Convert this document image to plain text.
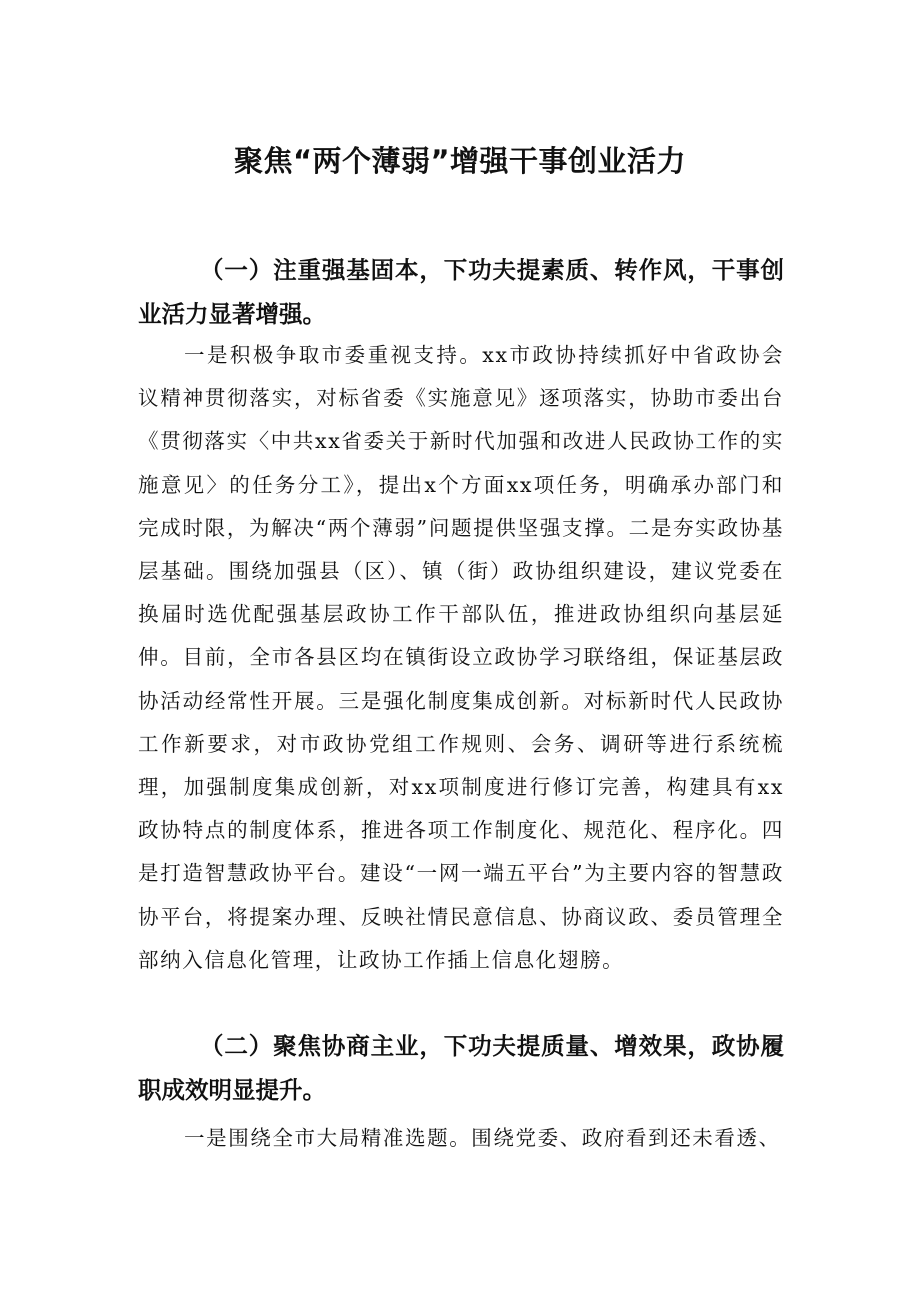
聚焦“两个薄弱”增强干事创业活力

（一）注重强基固本，下功夫提素质、转作风，干事创业活力显著增强。

一是积极争取市委重视支持。xx市政协持续抓好中省政协会议精神贯彻落实，对标省委《实施意见》逐项落实，协助市委出台《贯彻落实〈中共xx省委关于新时代加强和改进人民政协工作的实施意见〉的任务分工》，提出x个方面xx项任务，明确承办部门和完成时限，为解决“两个薄弱”问题提供坚强支撑。二是夯实政协基层基础。围绕加强县（区）、镇（街）政协组织建设，建议党委在换届时选优配强基层政协工作干部队伍，推进政协组织向基层延伸。目前，全市各县区均在镇街设立政协学习联络组，保证基层政协活动经常性开展。三是强化制度集成创新。对标新时代人民政协工作新要求，对市政协党组工作规则、会务、调研等进行系统梳理，加强制度集成创新，对xx项制度进行修订完善，构建具有xx政协特点的制度体系，推进各项工作制度化、规范化、程序化。四是打造智慧政协平台。建设“一网一端五平台”为主要内容的智慧政协平台，将提案办理、反映社情民意信息、协商议政、委员管理全部纳入信息化管理，让政协工作插上信息化翅膀。

（二）聚焦协商主业，下功夫提质量、增效果，政协履职成效明显提升。

一是围绕全市大局精准选题。围绕党委、政府看到还未看透、
